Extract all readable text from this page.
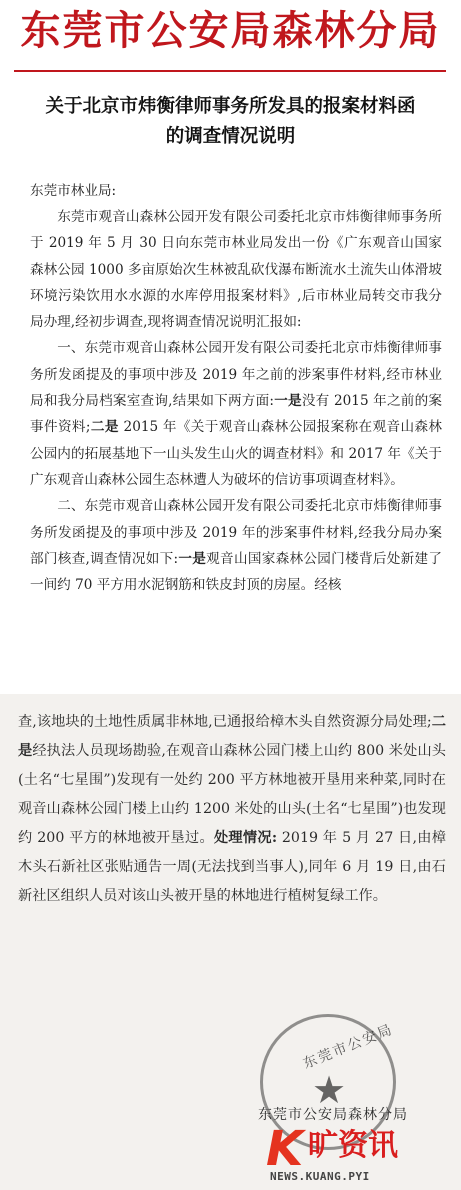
东莞市公安局森林分局
关于北京市炜衡律师事务所发具的报案材料函
的调查情况说明
东莞市林业局:

东莞市观音山森林公园开发有限公司委托北京市炜衡律师事务所于 2019 年 5 月 30 日向东莞市林业局发出一份《广东观音山国家森林公园 1000 多亩原始次生林被乱砍伐瀑布断流水土流失山体滑坡环境污染饮用水水源的水库停用报案材料》,后市林业局转交市我分局办理,经初步调查,现将调查情况说明汇报如:

一、东莞市观音山森林公园开发有限公司委托北京市炜衡律师事务所发函提及的事项中涉及 2019 年之前的涉案事件材料,经市林业局和我分局档案室查询,结果如下两方面:一是没有 2015 年之前的案事件资料;二是 2015 年《关于观音山森林公园报案称在观音山森林公园内的拓展基地下一山头发生山火的调查材料》和 2017 年《关于广东观音山森林公园生态林遭人为破坏的信访事项调查材料》。

二、东莞市观音山森林公园开发有限公司委托北京市炜衡律师事务所发函提及的事项中涉及 2019 年的涉案事件材料,经我分局办案部门核查,调查情况如下:一是观音山国家森林公园门楼背后处新建了一间约 70 平方用水泥钢筋和铁皮封顶的房屋。经核

查,该地块的土地性质属非林地,已通报给樟木头自然资源分局处理;二是经执法人员现场勘验,在观音山森林公园门楼上山约 800 米处山头(土名“七星围”)发现有一处约 200 平方林地被开垦用来种菜,同时在观音山森林公园门楼上山约 1200 米处的山头(土名“七星围”)也发现约 200 平方的林地被开垦过。处理情况: 2019 年 5 月 27 日,由樟木头石新社区张贴通告一周(无法找到当事人),同年 6 月 19 日,由石新社区组织人员对该山头被开垦的林地进行植树复绿工作。
东莞市公安局
★
东莞市公安局森林分局
K 旷资讯
NEWS.KUANG.PYI
